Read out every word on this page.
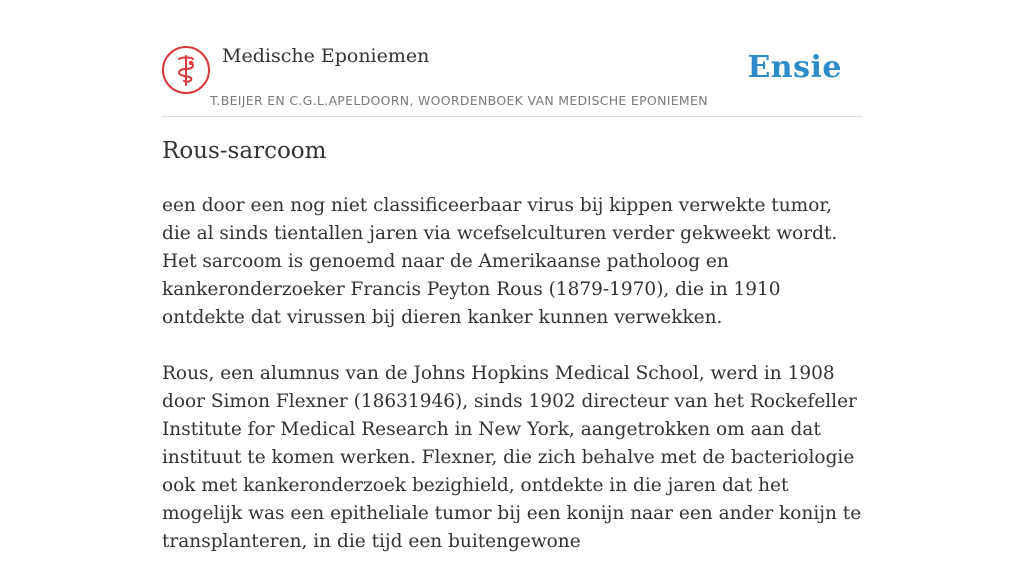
Medische Eponiemen
T.BEIJER EN C.G.L.APELDOORN, WOORDENBOEK VAN MEDISCHE EPONIEMEN
Ensie
Rous-sarcoom

een door een nog niet classificeerbaar virus bij kippen verwekte tumor, die al sinds tientallen jaren via wcefselculturen verder gekweekt wordt. Het sarcoom is genoemd naar de Amerikaanse patholoog en kankeronderzoeker Francis Peyton Rous (1879-1970), die in 1910 ontdekte dat virussen bij dieren kanker kunnen verwekken.

Rous, een alumnus van de Johns Hopkins Medical School, werd in 1908 door Simon Flexner (18631946), sinds 1902 directeur van het Rockefeller Institute for Medical Research in New York, aangetrokken om aan dat instituut te komen werken. Flexner, die zich behalve met de bacteriologie ook met kankeronderzoek bezighield, ontdekte in die jaren dat het mogelijk was een epitheliale tumor bij een konijn naar een ander konijn te transplanteren, in die tijd een buitengewone
